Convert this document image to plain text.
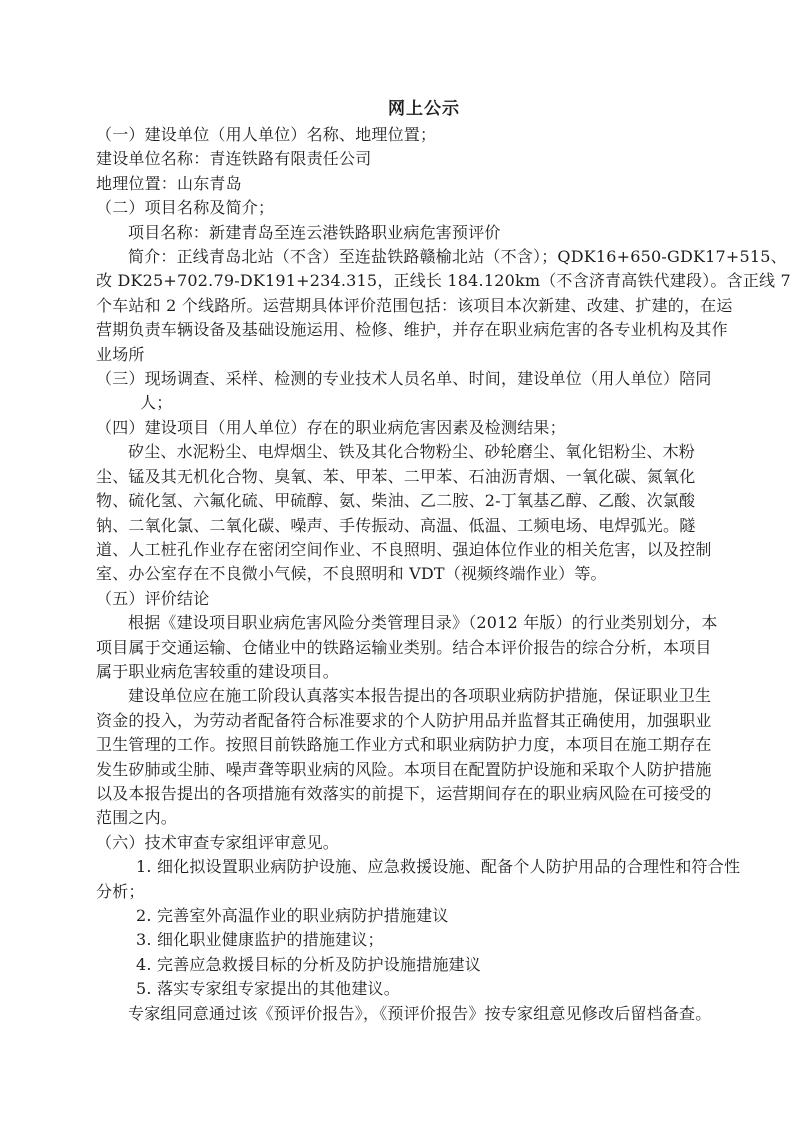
网上公示
（一）建设单位（用人单位）名称、地理位置；
建设单位名称：青连铁路有限责任公司
地理位置：山东青岛
（二）项目名称及简介；
项目名称：新建青岛至连云港铁路职业病危害预评价
简介：正线青岛北站（不含）至连盐铁路赣榆北站（不含）；QDK16+650-GDK17+515、
改 DK25+702.79-DK191+234.315，正线长 184.120km（不含济青高铁代建段）。含正线 7
个车站和 2 个线路所。运营期具体评价范围包括：该项目本次新建、改建、扩建的，在运
营期负责车辆设备及基础设施运用、检修、维护，并存在职业病危害的各专业机构及其作
业场所
（三）现场调查、采样、检测的专业技术人员名单、时间，建设单位（用人单位）陪同
人；
（四）建设项目（用人单位）存在的职业病危害因素及检测结果；
矽尘、水泥粉尘、电焊烟尘、铁及其化合物粉尘、砂轮磨尘、氧化铝粉尘、木粉
尘、锰及其无机化合物、臭氧、苯、甲苯、二甲苯、石油沥青烟、一氧化碳、氮氧化
物、硫化氢、六氟化硫、甲硫醇、氨、柴油、乙二胺、2-丁氧基乙醇、乙酸、次氯酸
钠、二氧化氯、二氧化碳、噪声、手传振动、高温、低温、工频电场、电焊弧光。隧
道、人工桩孔作业存在密闭空间作业、不良照明、强迫体位作业的相关危害，以及控制
室、办公室存在不良微小气候，不良照明和 VDT（视频终端作业）等。
（五）评价结论
根据《建设项目职业病危害风险分类管理目录》（2012 年版）的行业类别划分，本
项目属于交通运输、仓储业中的铁路运输业类别。结合本评价报告的综合分析，本项目
属于职业病危害较重的建设项目。
建设单位应在施工阶段认真落实本报告提出的各项职业病防护措施，保证职业卫生
资金的投入，为劳动者配备符合标准要求的个人防护用品并监督其正确使用，加强职业
卫生管理的工作。按照目前铁路施工作业方式和职业病防护力度，本项目在施工期存在
发生矽肺或尘肺、噪声聋等职业病的风险。本项目在配置防护设施和采取个人防护措施
以及本报告提出的各项措施有效落实的前提下，运营期间存在的职业病风险在可接受的
范围之内。
（六）技术审查专家组评审意见。
1. 细化拟设置职业病防护设施、应急救援设施、配备个人防护用品的合理性和符合性
分析；
2. 完善室外高温作业的职业病防护措施建议
3. 细化职业健康监护的措施建议；
4. 完善应急救援目标的分析及防护设施措施建议
5. 落实专家组专家提出的其他建议。
专家组同意通过该《预评价报告》，《预评价报告》按专家组意见修改后留档备查。
